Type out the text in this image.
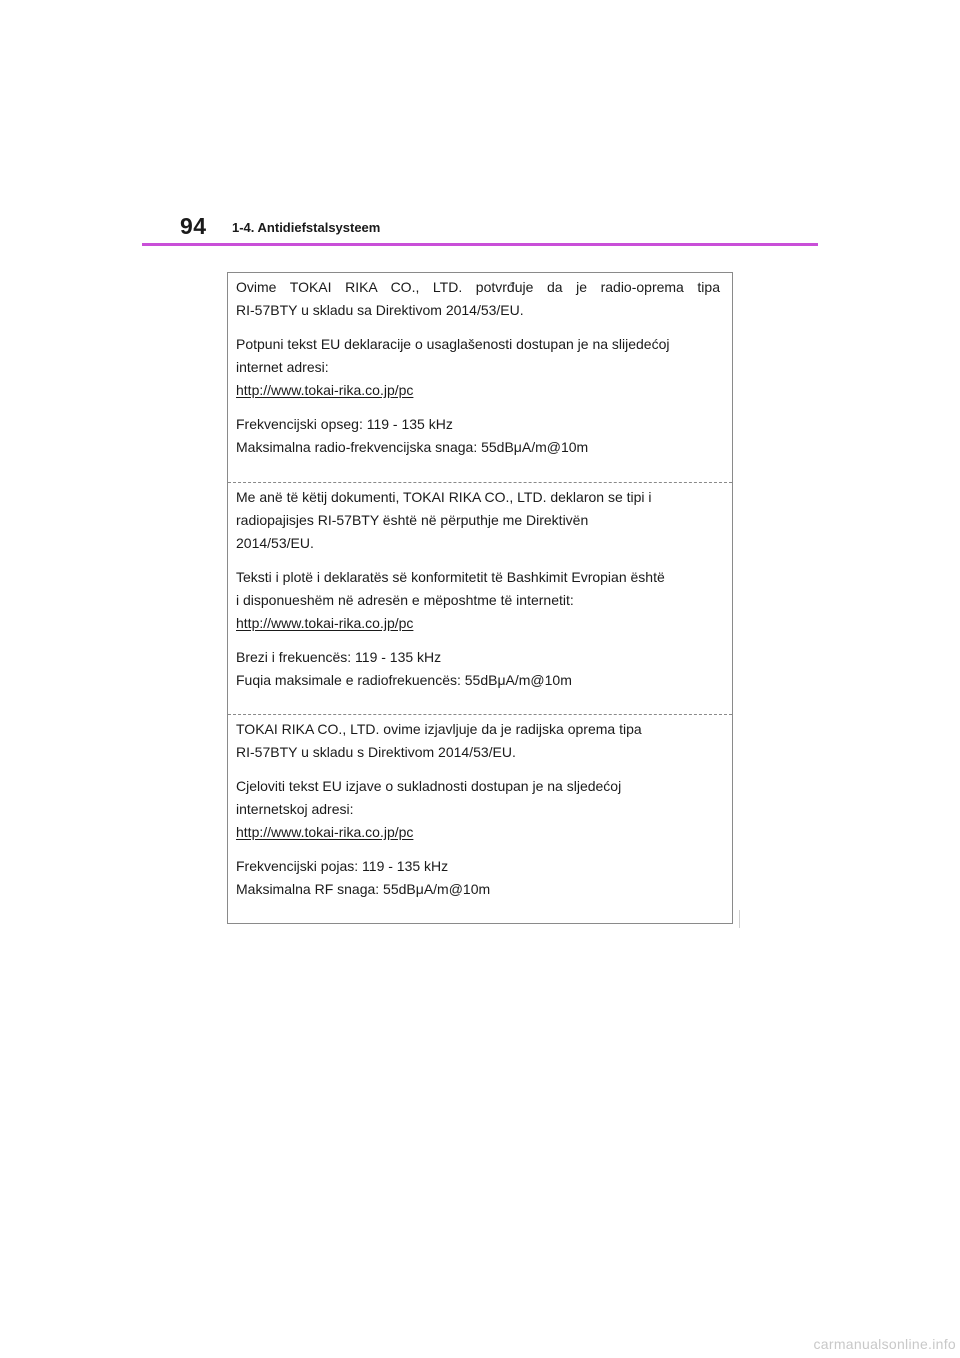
94 1-4. Antidiefstalsysteem

Ovime TOKAI RIKA CO., LTD. potvrđuje da je radio-oprema tipa
RI-57BTY u skladu sa Direktivom 2014/53/EU.

Potpuni tekst EU deklaracije o usaglašenosti dostupan je na slijedećoj
internet adresi:
http://www.tokai-rika.co.jp/pc

Frekvencijski opseg: 119 - 135 kHz
Maksimalna radio-frekvencijska snaga: 55dBμA/m@10m

Me anë të këtij dokumenti, TOKAI RIKA CO., LTD. deklaron se tipi i
radiopajisjes RI-57BTY është në përputhje me Direktivën
2014/53/EU.

Teksti i plotë i deklaratës së konformitetit të Bashkimit Evropian është
i disponueshëm në adresën e mëposhtme të internetit:
http://www.tokai-rika.co.jp/pc

Brezi i frekuencës: 119 - 135 kHz
Fuqia maksimale e radiofrekuencës: 55dBμA/m@10m

TOKAI RIKA CO., LTD. ovime izjavljuje da je radijska oprema tipa
RI-57BTY u skladu s Direktivom 2014/53/EU.

Cjeloviti tekst EU izjave o sukladnosti dostupan je na sljedećoj
internetskoj adresi:
http://www.tokai-rika.co.jp/pc

Frekvencijski pojas: 119 - 135 kHz
Maksimalna RF snaga: 55dBμA/m@10m

carmanualsonline.info
